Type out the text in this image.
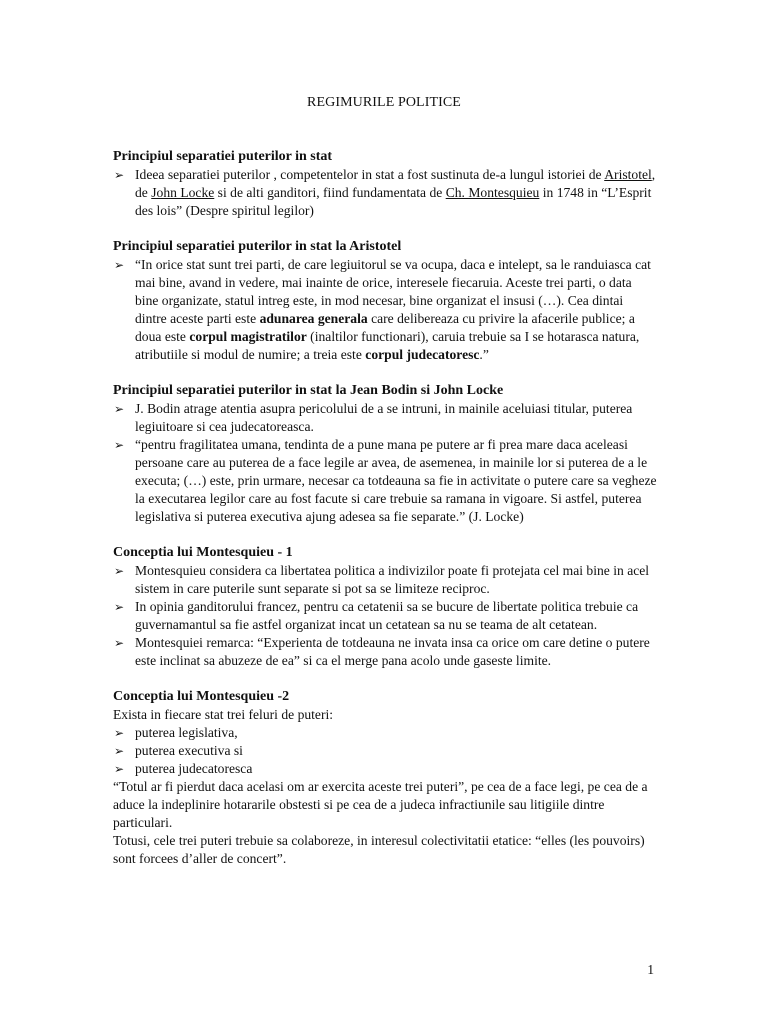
REGIMURILE POLITICE
Principiul separatiei puterilor in stat
➢ Ideea separatiei puterilor , competentelor in stat a fost sustinuta de-a lungul istoriei de Aristotel, de John Locke si de alti ganditori, fiind fundamentata de Ch. Montesquieu in 1748 in “L’Esprit des lois” (Despre spiritul legilor)
Principiul separatiei puterilor in stat la Aristotel
➢ “In orice stat sunt trei parti, de care legiuitorul se va ocupa, daca e intelept, sa le randuiasca cat mai bine, avand in vedere, mai inainte de orice, interesele fiecaruia. Aceste trei parti, o data bine organizate, statul intreg este, in mod necesar, bine organizat el insusi (…). Cea dintai dintre aceste parti este adunarea generala care delibereaza cu privire la afacerile publice; a doua este corpul magistratilor (inaltilor functionari), caruia trebuie sa I se hotarasca natura, atributiile si modul de numire; a treia este corpul judecatoresc.”
Principiul separatiei puterilor in stat la Jean Bodin si John Locke
➢ J. Bodin atrage atentia asupra pericolului de a se intruni, in mainile aceluiasi titular, puterea legiuitoare si cea judecatoreasca.
➢ “pentru fragilitatea umana, tendinta de a pune mana pe putere ar fi prea mare daca aceleasi persoane care au puterea de a face legile ar avea, de asemenea, in mainile lor si puterea de a le executa; (…) este, prin urmare, necesar ca totdeauna sa fie in activitate o putere care sa vegheze la executarea legilor care au fost facute si care trebuie sa ramana in vigoare. Si astfel, puterea legislativa si puterea executiva ajung adesea sa fie separate.” (J. Locke)
Conceptia lui Montesquieu - 1
➢ Montesquieu considera ca libertatea politica a indivizilor poate fi protejata cel mai bine in acel sistem in care puterile sunt separate si pot sa se limiteze reciproc.
➢ In opinia ganditorului francez, pentru ca cetatenii sa se bucure de libertate politica trebuie ca guvernamantul sa fie astfel organizat incat un cetatean sa nu se teama de alt cetatean.
➢ Montesquiei remarca: “Experienta de totdeauna ne invata insa ca orice om care detine o putere este inclinat sa abuzeze de ea” si ca el merge pana acolo unde gaseste limite.
Conceptia lui Montesquieu -2

Exista in fiecare stat trei feluri de puteri:

➢ puterea legislativa,
➢ puterea executiva si
➢ puterea judecatoresca

“Totul ar fi pierdut daca acelasi om ar exercita aceste trei puteri”, pe cea de a face legi, pe cea de a aduce la indeplinire hotararile obstesti si pe cea de a judeca infractiunile sau litigiile dintre particulari.

Totusi, cele trei puteri trebuie sa colaboreze, in interesul colectivitatii etatice: “elles (les pouvoirs) sont forcees d’aller de concert”.

1
